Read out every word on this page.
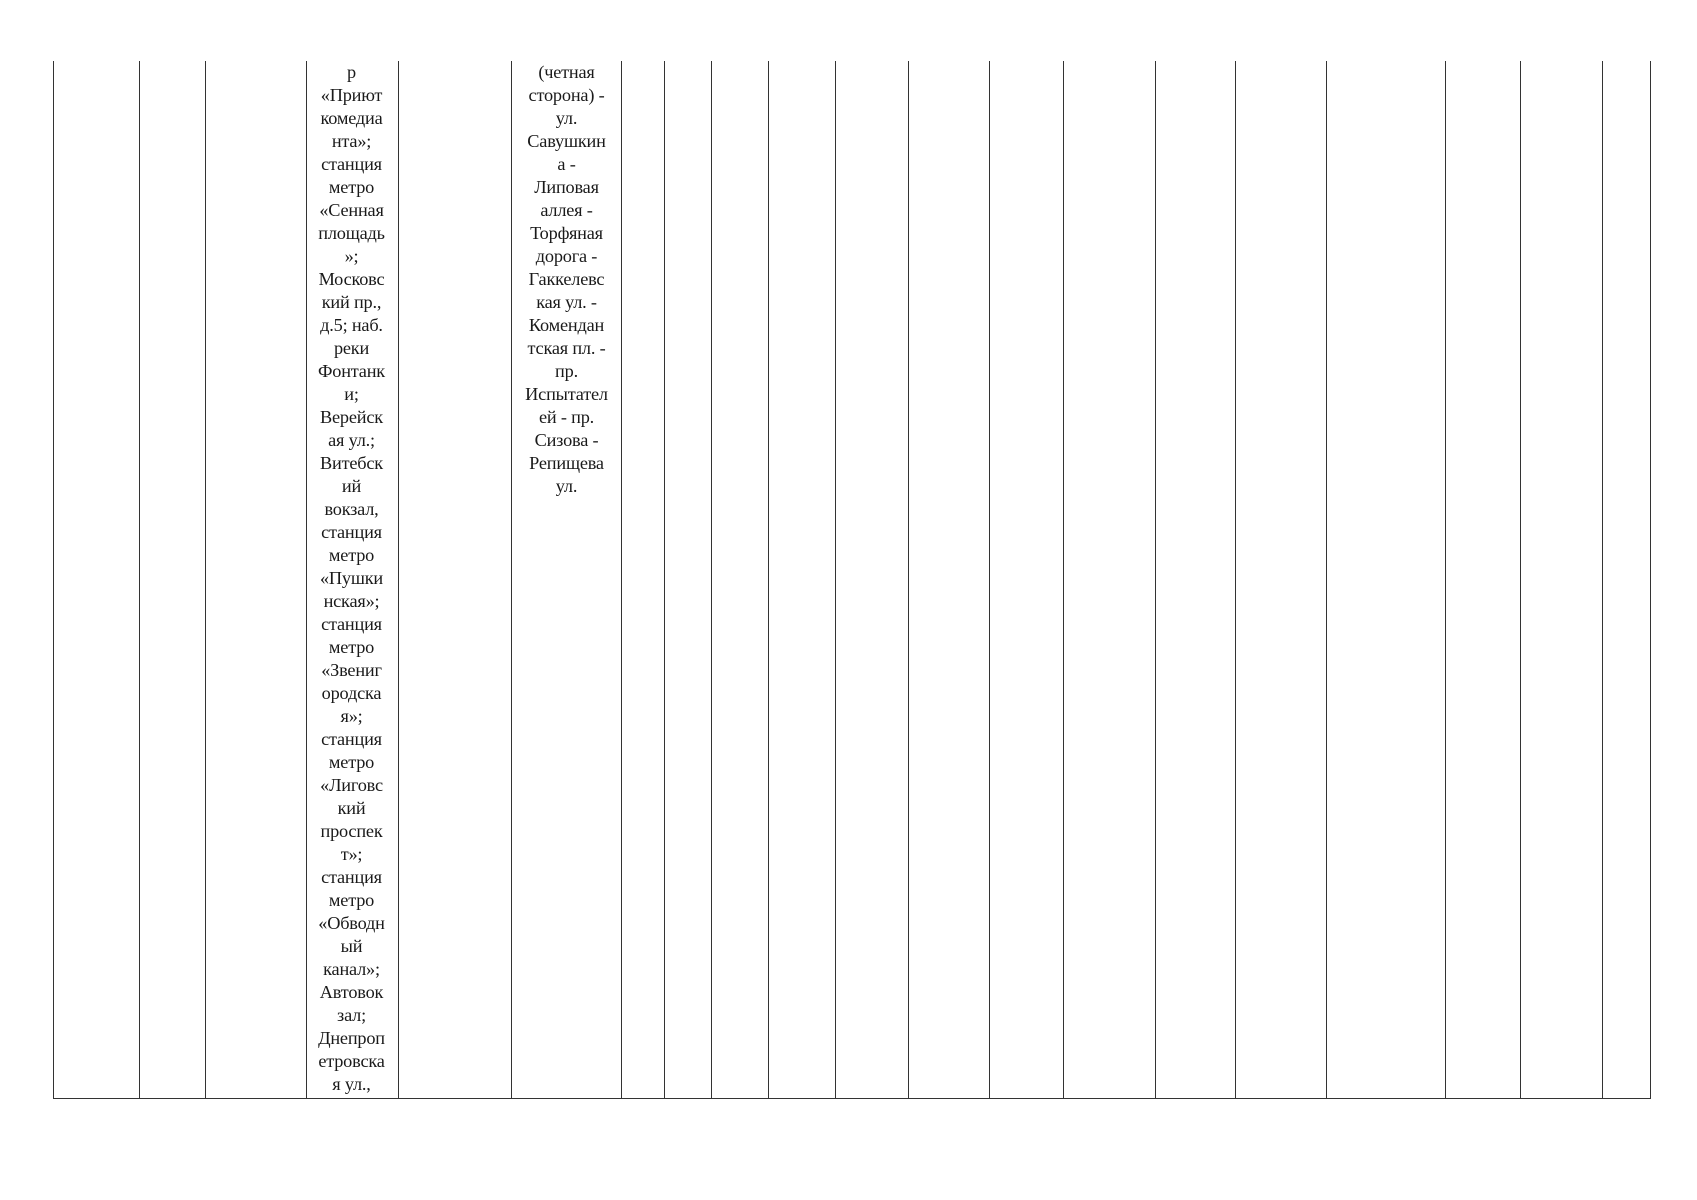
р
«Приют
комедиа
нта»;
станция
метро
«Сенная
площадь
»;
Московс
кий пр.,
д.5; наб.
реки
Фонтанк
и;
Верейск
ая ул.;
Витебск
ий
вокзал,
станция
метро
«Пушки
нская»;
станция
метро
«Звениг
ородска
я»;
станция
метро
«Лиговс
кий
проспек
т»;
станция
метро
«Обводн
ый
канал»;
Автовок
зал;
Днепроп
етровска
я ул.,
(четная
сторона) -
ул.
Савушкин
а -
Липовая
аллея -
Торфяная
дорога -
Гаккелевс
кая ул. -
Комендан
тская пл. -
пр.
Испытател
ей - пр.
Сизова -
Репищева
ул.
